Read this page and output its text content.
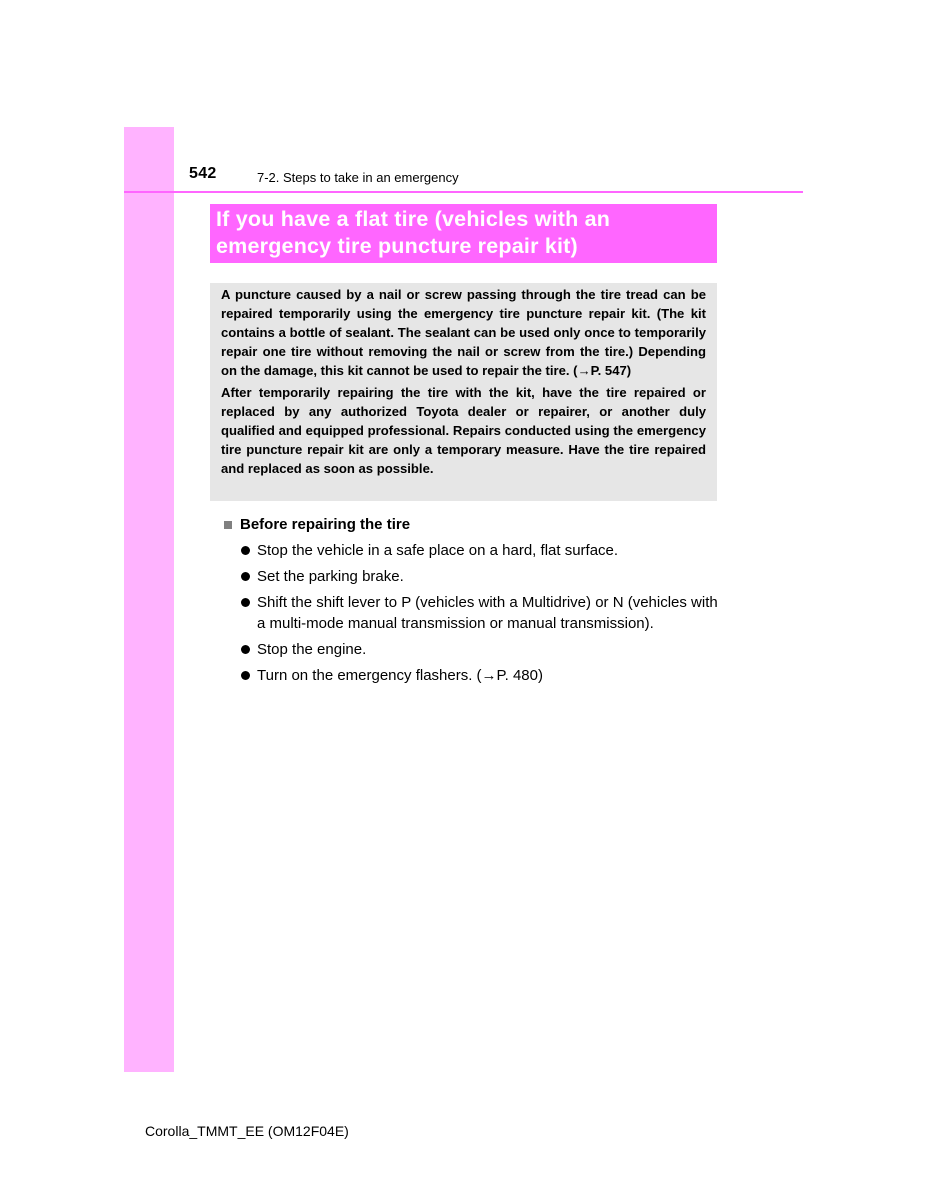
542	7-2. Steps to take in an emergency
If you have a flat tire (vehicles with an
emergency tire puncture repair kit)

A puncture caused by a nail or screw passing through the tire tread can be repaired temporarily using the emergency tire puncture repair kit. (The kit contains a bottle of sealant. The sealant can be used only once to temporarily repair one tire without removing the nail or screw from the tire.) Depending on the damage, this kit cannot be used to repair the tire. (→P. 547)

After temporarily repairing the tire with the kit, have the tire repaired or replaced by any authorized Toyota dealer or repairer, or another duly qualified and equipped professional. Repairs conducted using the emergency tire puncture repair kit are only a temporary measure. Have the tire repaired and replaced as soon as possible.

Before repairing the tire
Stop the vehicle in a safe place on a hard, flat surface.
Set the parking brake.
Shift the shift lever to P (vehicles with a Multidrive) or N (vehicles with a multi-mode manual transmission or manual transmission).
Stop the engine.
Turn on the emergency flashers. (→P. 480)
Corolla_TMMT_EE (OM12F04E)
